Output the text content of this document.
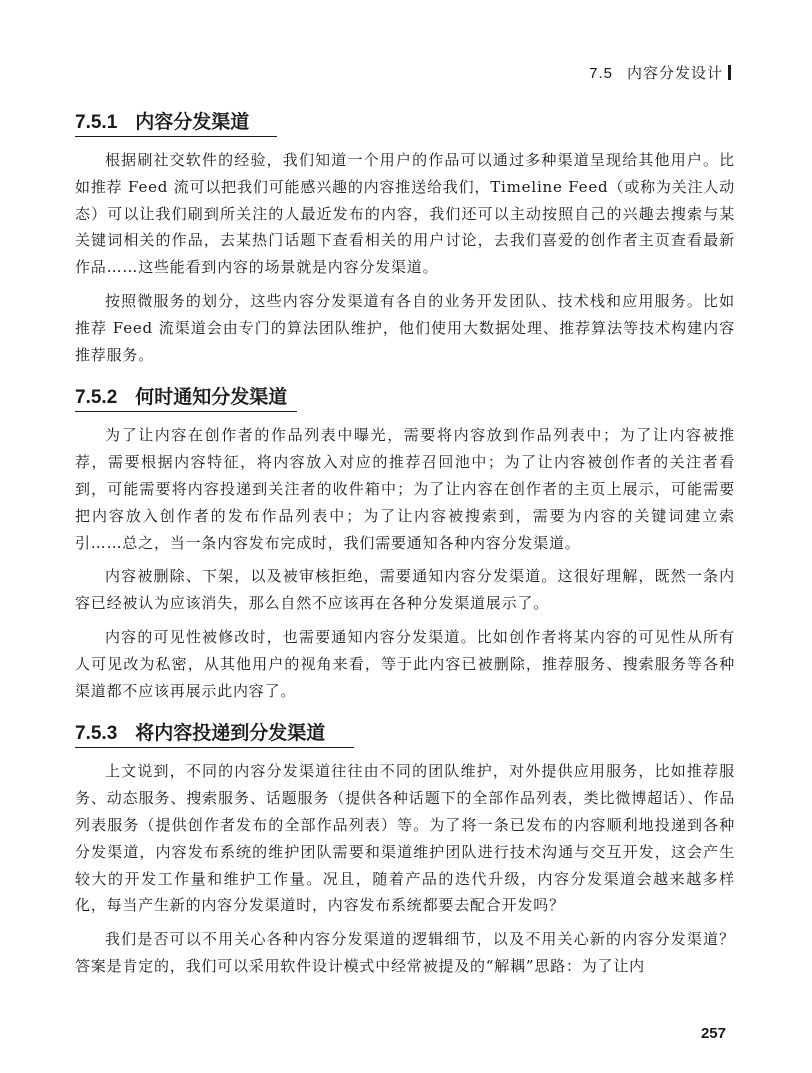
7.5 内容分发设计
7.5.1 内容分发渠道

根据刷社交软件的经验，我们知道一个用户的作品可以通过多种渠道呈现给其他用户。比如推荐 Feed 流可以把我们可能感兴趣的内容推送给我们，Timeline Feed（或称为关注人动态）可以让我们刷到所关注的人最近发布的内容，我们还可以主动按照自己的兴趣去搜索与某关键词相关的作品，去某热门话题下查看相关的用户讨论，去我们喜爱的创作者主页查看最新作品……这些能看到内容的场景就是内容分发渠道。

按照微服务的划分，这些内容分发渠道有各自的业务开发团队、技术栈和应用服务。比如推荐 Feed 流渠道会由专门的算法团队维护，他们使用大数据处理、推荐算法等技术构建内容推荐服务。

7.5.2 何时通知分发渠道

为了让内容在创作者的作品列表中曝光，需要将内容放到作品列表中；为了让内容被推荐，需要根据内容特征，将内容放入对应的推荐召回池中；为了让内容被创作者的关注者看到，可能需要将内容投递到关注者的收件箱中；为了让内容在创作者的主页上展示，可能需要把内容放入创作者的发布作品列表中；为了让内容被搜索到，需要为内容的关键词建立索引……总之，当一条内容发布完成时，我们需要通知各种内容分发渠道。

内容被删除、下架，以及被审核拒绝，需要通知内容分发渠道。这很好理解，既然一条内容已经被认为应该消失，那么自然不应该再在各种分发渠道展示了。

内容的可见性被修改时，也需要通知内容分发渠道。比如创作者将某内容的可见性从所有人可见改为私密，从其他用户的视角来看，等于此内容已被删除，推荐服务、搜索服务等各种渠道都不应该再展示此内容了。

7.5.3 将内容投递到分发渠道

上文说到，不同的内容分发渠道往往由不同的团队维护，对外提供应用服务，比如推荐服务、动态服务、搜索服务、话题服务（提供各种话题下的全部作品列表，类比微博超话）、作品列表服务（提供创作者发布的全部作品列表）等。为了将一条已发布的内容顺利地投递到各种分发渠道，内容发布系统的维护团队需要和渠道维护团队进行技术沟通与交互开发，这会产生较大的开发工作量和维护工作量。况且，随着产品的迭代升级，内容分发渠道会越来越多样化，每当产生新的内容分发渠道时，内容发布系统都要去配合开发吗？

我们是否可以不用关心各种内容分发渠道的逻辑细节，以及不用关心新的内容分发渠道？答案是肯定的，我们可以采用软件设计模式中经常被提及的“解耦”思路：为了让内

257
